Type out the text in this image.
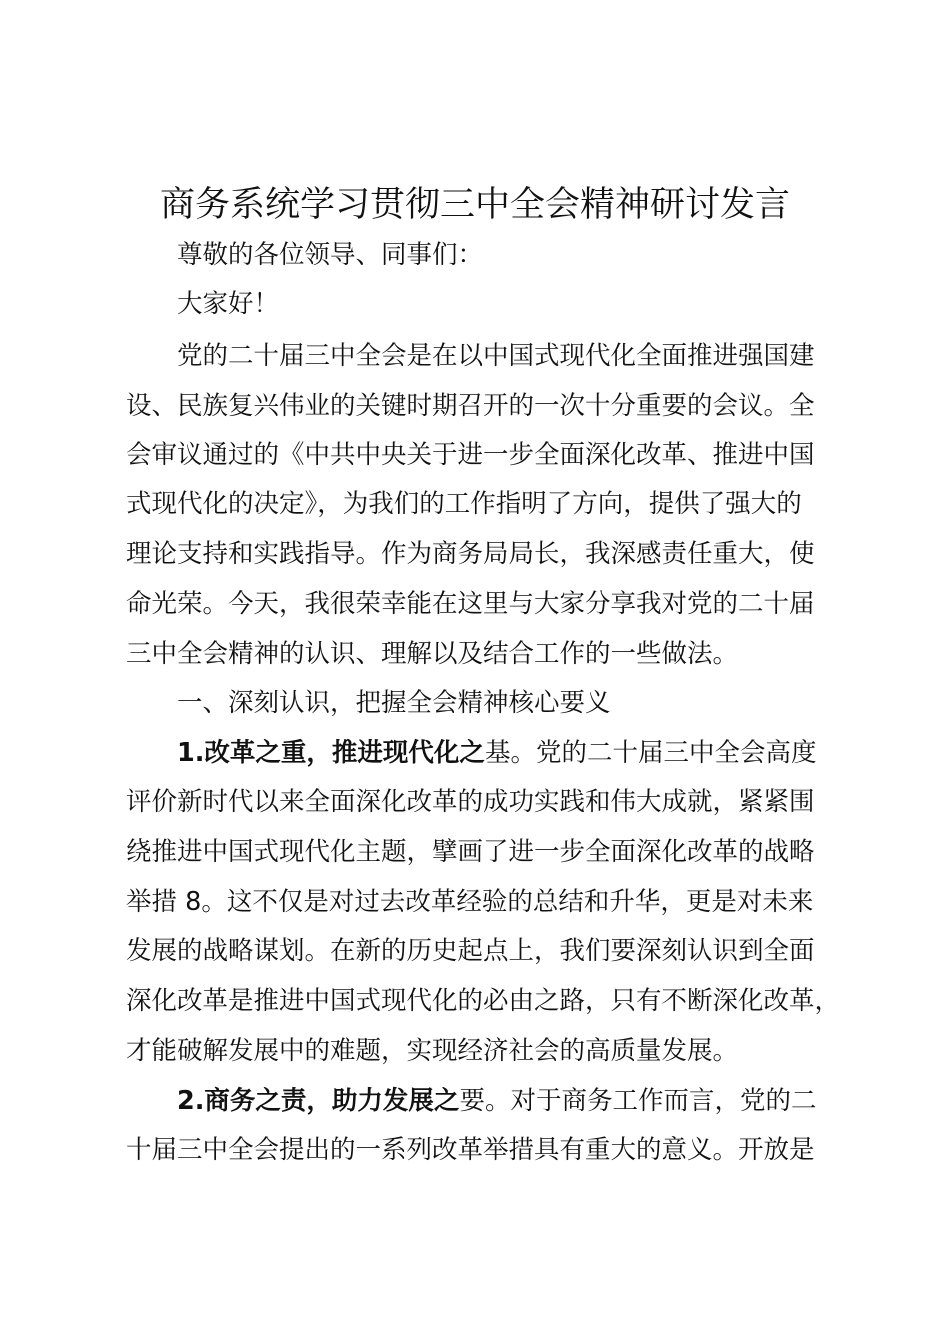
商务系统学习贯彻三中全会精神研讨发言

尊敬的各位领导、同事们：

大家好！

党的二十届三中全会是在以中国式现代化全面推进强国建

设、民族复兴伟业的关键时期召开的一次十分重要的会议。全

会审议通过的《中共中央关于进一步全面深化改革、推进中国

式现代化的决定》，为我们的工作指明了方向，提供了强大的

理论支持和实践指导。作为商务局局长，我深感责任重大，使

命光荣。今天，我很荣幸能在这里与大家分享我对党的二十届

三中全会精神的认识、理解以及结合工作的一些做法。

一、深刻认识，把握全会精神核心要义

1.改革之重，推进现代化之基。党的二十届三中全会高度

评价新时代以来全面深化改革的成功实践和伟大成就，紧紧围

绕推进中国式现代化主题，擘画了进一步全面深化改革的战略

举措 8。这不仅是对过去改革经验的总结和升华，更是对未来

发展的战略谋划。在新的历史起点上，我们要深刻认识到全面

深化改革是推进中国式现代化的必由之路，只有不断深化改革，

才能破解发展中的难题，实现经济社会的高质量发展。

2.商务之责，助力发展之要。对于商务工作而言，党的二

十届三中全会提出的一系列改革举措具有重大的意义。开放是
